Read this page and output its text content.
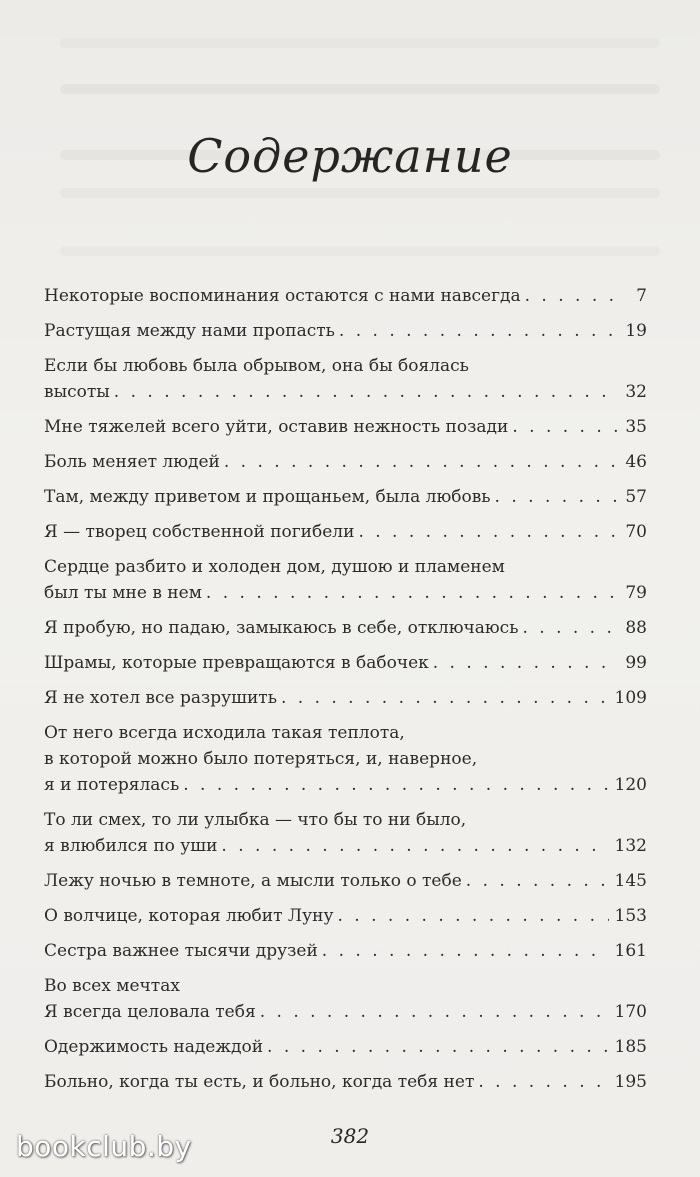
Содержание
Некоторые воспоминания остаются с нами навсегда . . .	7
Растущая между нами пропасть . . .	19
Если бы любовь была обрывом, она бы боялась
высоты . . .	32
Мне тяжелей всего уйти, оставив нежность позади . . .	35
Боль меняет людей . . .	46
Там, между приветом и прощаньем, была любовь . . .	57
Я — творец собственной погибели . . .	70
Сердце разбито и холоден дом, душою и пламенем
был ты мне в нем . . .	79
Я пробую, но падаю, замыкаюсь в себе, отключаюсь . . .	88
Шрамы, которые превращаются в бабочек . . .	99
Я не хотел все разрушить . . .	109
От него всегда исходила такая теплота,
в которой можно было потеряться, и, наверное,
я и потерялась . . .	120
То ли смех, то ли улыбка — что бы то ни было,
я влюбился по уши . . .	132
Лежу ночью в темноте, а мысли только о тебе . . .	145
О волчице, которая любит Луну . . .	153
Сестра важнее тысячи друзей . . .	161
Во всех мечтах
Я всегда целовала тебя . . .	170
Одержимость надеждой . . .	185
Больно, когда ты есть, и больно, когда тебя нет . . .	195
382
bookclub.by
